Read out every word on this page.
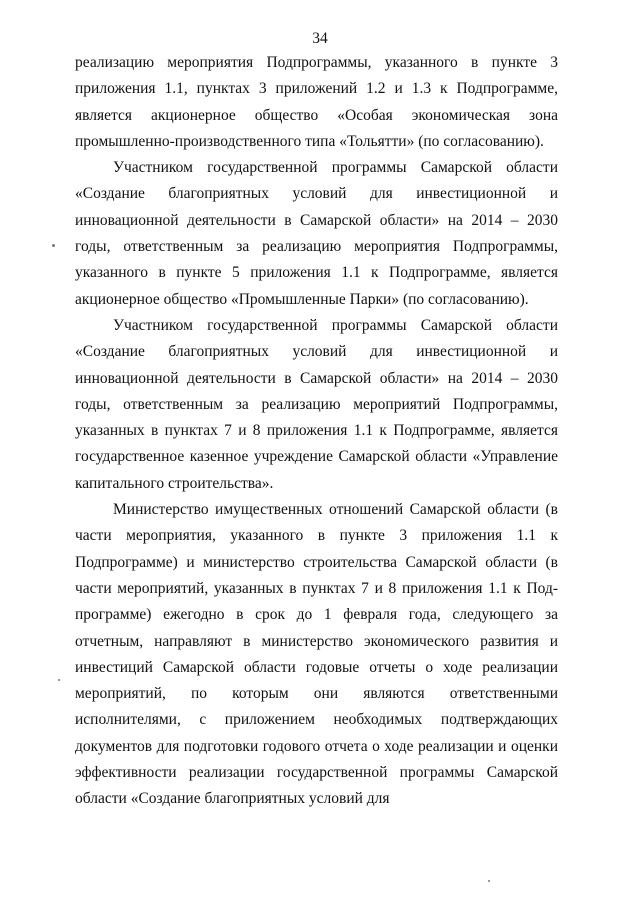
34

реализацию мероприятия Подпрограммы, указанного в пункте 3 приложения 1.1, пунктах 3 приложений 1.2 и 1.3 к Подпрограмме, является акционерное общество «Особая экономическая зона промышленно-производственного типа «Тольятти» (по согласованию).

Участником государственной программы Самарской области «Создание благоприятных условий для инвестиционной и инновационной деятельности в Самарской области» на 2014 – 2030 годы, ответственным за реализацию мероприятия Подпрограммы, указанного в пункте 5 приложения 1.1 к Подпрограмме, является акционерное общество «Промышленные Парки» (по согласованию).

Участником государственной программы Самарской области «Создание благоприятных условий для инвестиционной и инновационной деятельности в Самарской области» на 2014 – 2030 годы, ответственным за реализацию мероприятий Подпрограммы, указанных в пунктах 7 и 8 приложения 1.1 к Подпрограмме, является государственное казенное учреждение Самарской области «Управление капитального строительства».

Министерство имущественных отношений Самарской области (в части мероприятия, указанного в пункте 3 приложения 1.1 к Подпрограмме) и министерство строительства Самарской области (в части мероприятий, указанных в пунктах 7 и 8 приложения 1.1 к Подпрограмме) ежегодно в срок до 1 февраля года, следующего за отчетным, направляют в министерство экономического развития и инвестиций Самарской области годовые отчеты о ходе реализации мероприятий, по которым они являются ответственными исполнителями, с приложением необходимых подтверждающих документов для подготовки годового отчета о ходе реализации и оценки эффективности реализации государственной программы Самарской области «Создание благоприятных условий для
